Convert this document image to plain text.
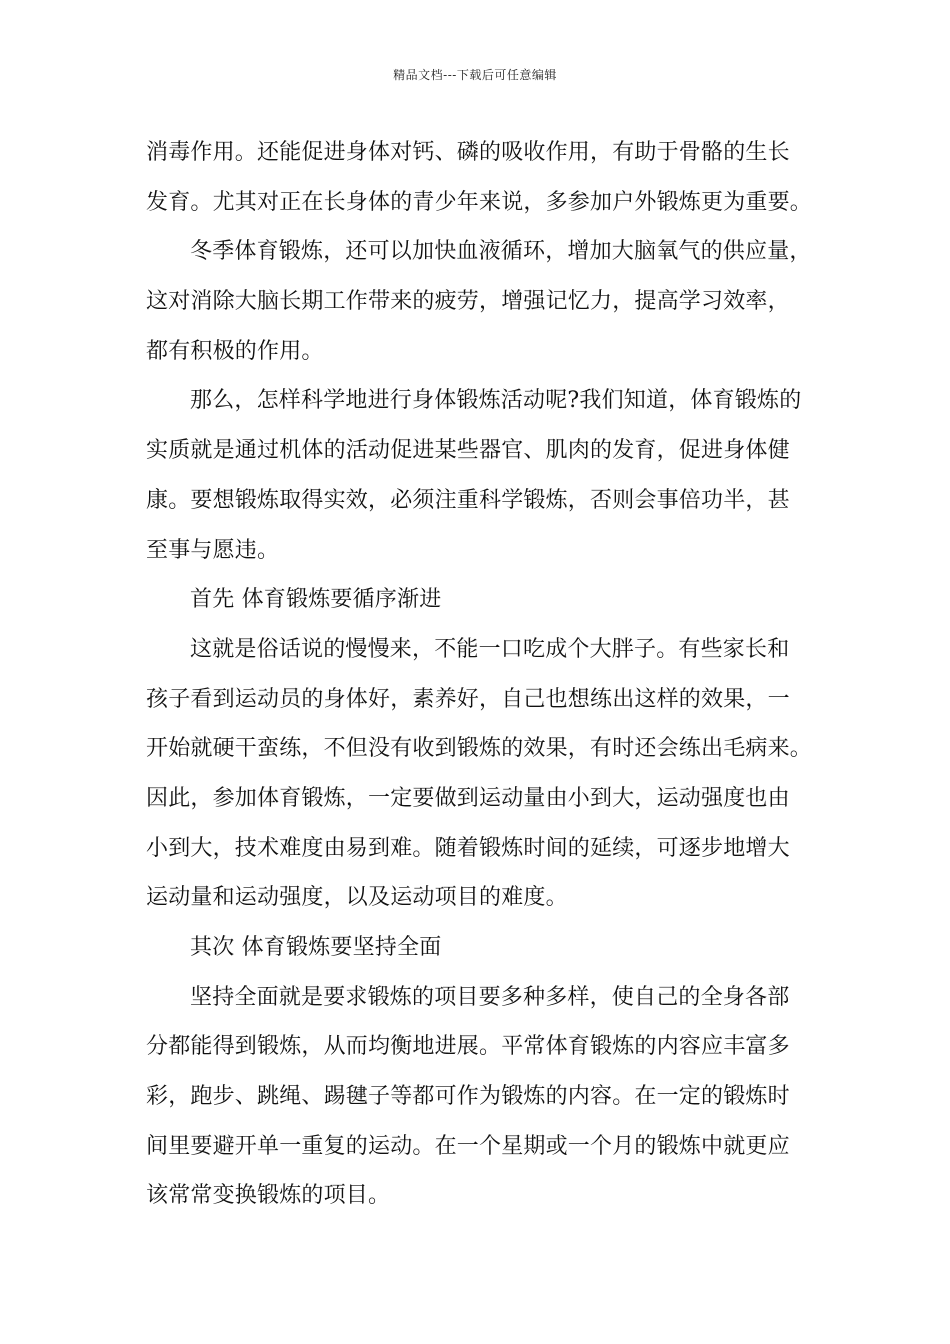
精品文档---下载后可任意编辑
消毒作用。还能促进身体对钙、磷的吸收作用，有助于骨骼的生长
发育。尤其对正在长身体的青少年来说，多参加户外锻炼更为重要。
冬季体育锻炼，还可以加快血液循环，增加大脑氧气的供应量，
这对消除大脑长期工作带来的疲劳，增强记忆力，提高学习效率，
都有积极的作用。
那么，怎样科学地进行身体锻炼活动呢?我们知道，体育锻炼的
实质就是通过机体的活动促进某些器官、肌肉的发育，促进身体健
康。要想锻炼取得实效，必须注重科学锻炼，否则会事倍功半，甚
至事与愿违。
首先 体育锻炼要循序渐进
这就是俗话说的慢慢来，不能一口吃成个大胖子。有些家长和
孩子看到运动员的身体好，素养好，自己也想练出这样的效果，一
开始就硬干蛮练，不但没有收到锻炼的效果，有时还会练出毛病来。
因此，参加体育锻炼，一定要做到运动量由小到大，运动强度也由
小到大，技术难度由易到难。随着锻炼时间的延续，可逐步地增大
运动量和运动强度，以及运动项目的难度。
其次 体育锻炼要坚持全面
坚持全面就是要求锻炼的项目要多种多样，使自己的全身各部
分都能得到锻炼，从而均衡地进展。平常体育锻炼的内容应丰富多
彩，跑步、跳绳、踢毽子等都可作为锻炼的内容。在一定的锻炼时
间里要避开单一重复的运动。在一个星期或一个月的锻炼中就更应
该常常变换锻炼的项目。
